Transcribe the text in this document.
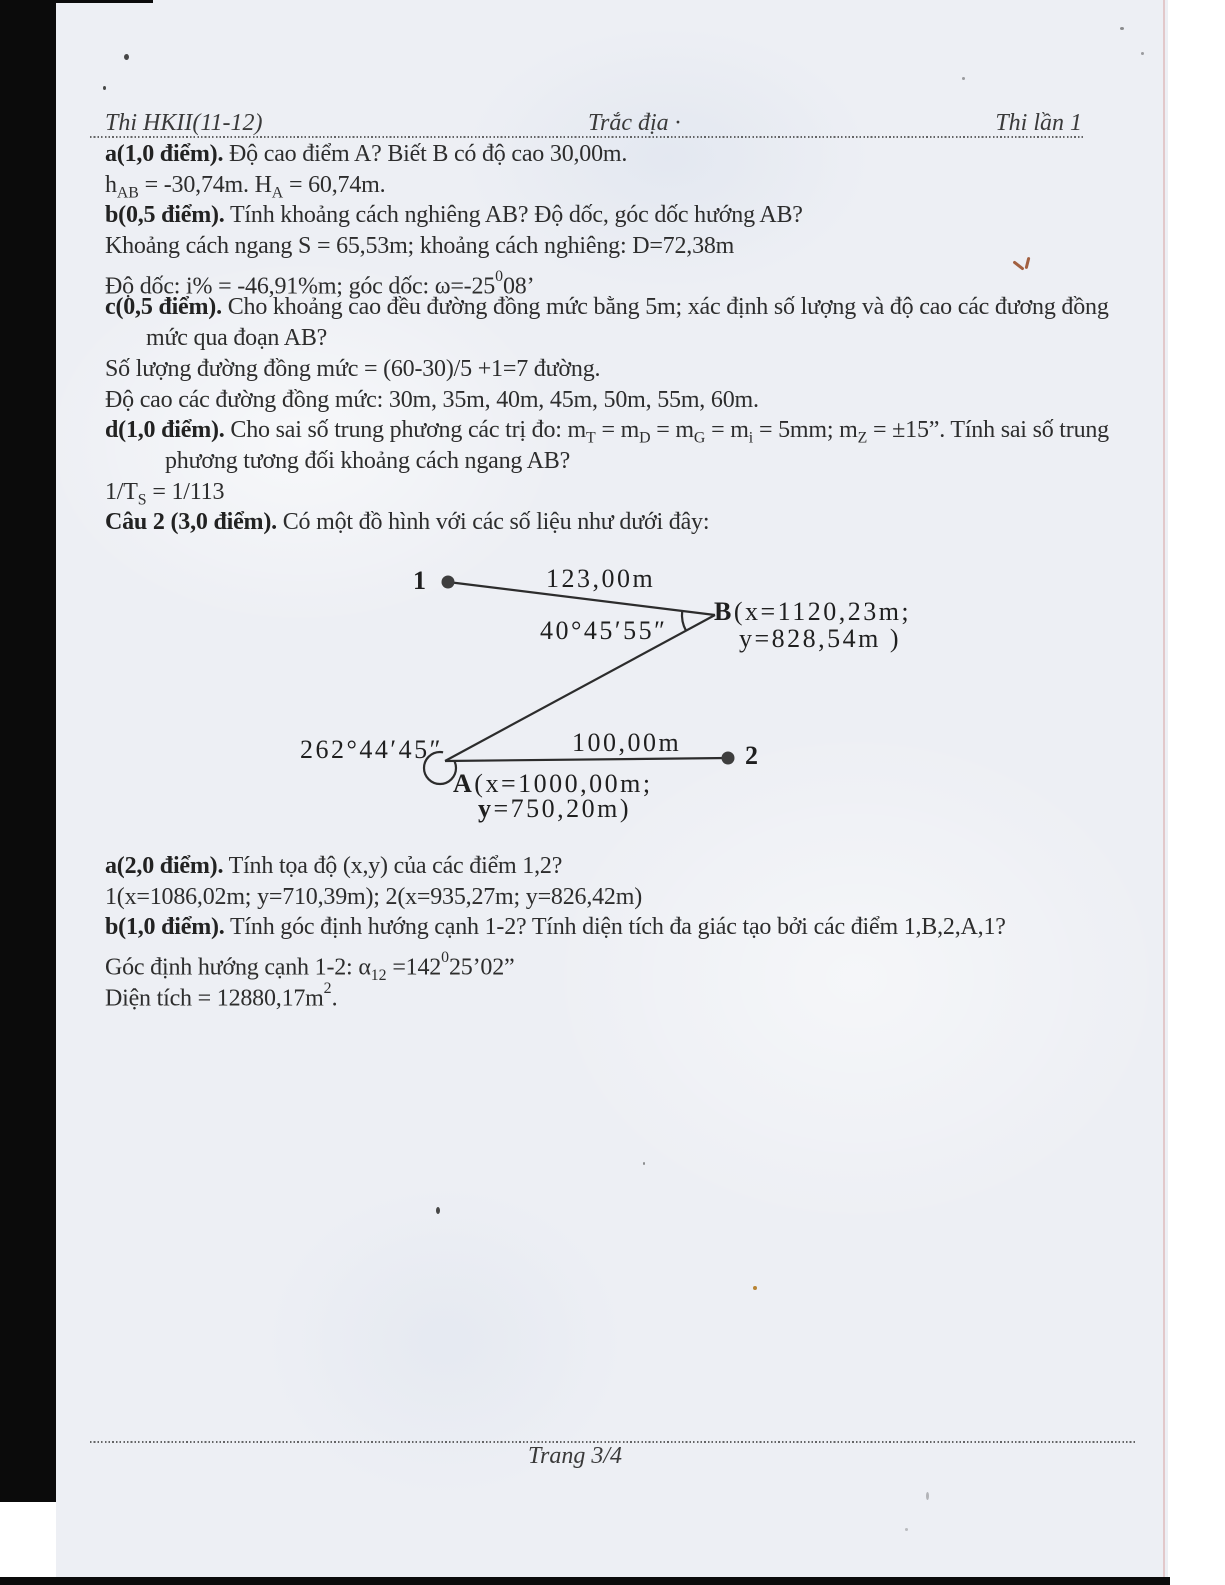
Thi HKII(11-12)	Trắc địa ·	Thi lần 1
a(1,0 điểm). Độ cao điểm A? Biết B có độ cao 30,00m.
$h_{AB} = -30,74m$. $H_A = 60,74m$.
b(0,5 điểm). Tính khoảng cách nghiêng AB? Độ dốc, góc dốc hướng AB?
Khoảng cách ngang S = 65,53m; khoảng cách nghiêng: D=72,38m
Độ dốc: i% = -46,91%m; góc dốc: $\omega=-25^008$’
c(0,5 điểm). Cho khoảng cao đều đường đồng mức bằng 5m; xác định số lượng và độ cao các đương đồng
mức qua đoạn AB?
Số lượng đường đồng mức = (60-30)/5 +1=7 đường.
Độ cao các đường đồng mức: 30m, 35m, 40m, 45m, 50m, 55m, 60m.
d(1,0 điểm). Cho sai số trung phương các trị đo: $m_T = m_D = m_G = m_i = 5mm$; $m_Z = \pm 15$”. Tính sai số trung
phương tương đối khoảng cách ngang AB?
$1/T_S = 1/113$
Câu 2 (3,0 điểm). Có một đồ hình với các số liệu như dưới đây:
1	123,00m
40°45′55″
B(x=1120,23m;
y=828,54m )
262°44′45″
A(x=1000,00m;
y=750,20m)
100,00m 2
a(2,0 điểm). Tính tọa độ (x,y) của các điểm 1,2?
1(x=1086,02m; y=710,39m); 2(x=935,27m; y=826,42m)
b(1,0 điểm). Tính góc định hướng cạnh 1-2? Tính diện tích đa giác tạo bởi các điểm 1,B,2,A,1?
Góc định hướng cạnh 1-2: $\alpha_{12}$ $=142^025’02$”
Diện tích = $12880,17m^2$.
Trang 3/4
